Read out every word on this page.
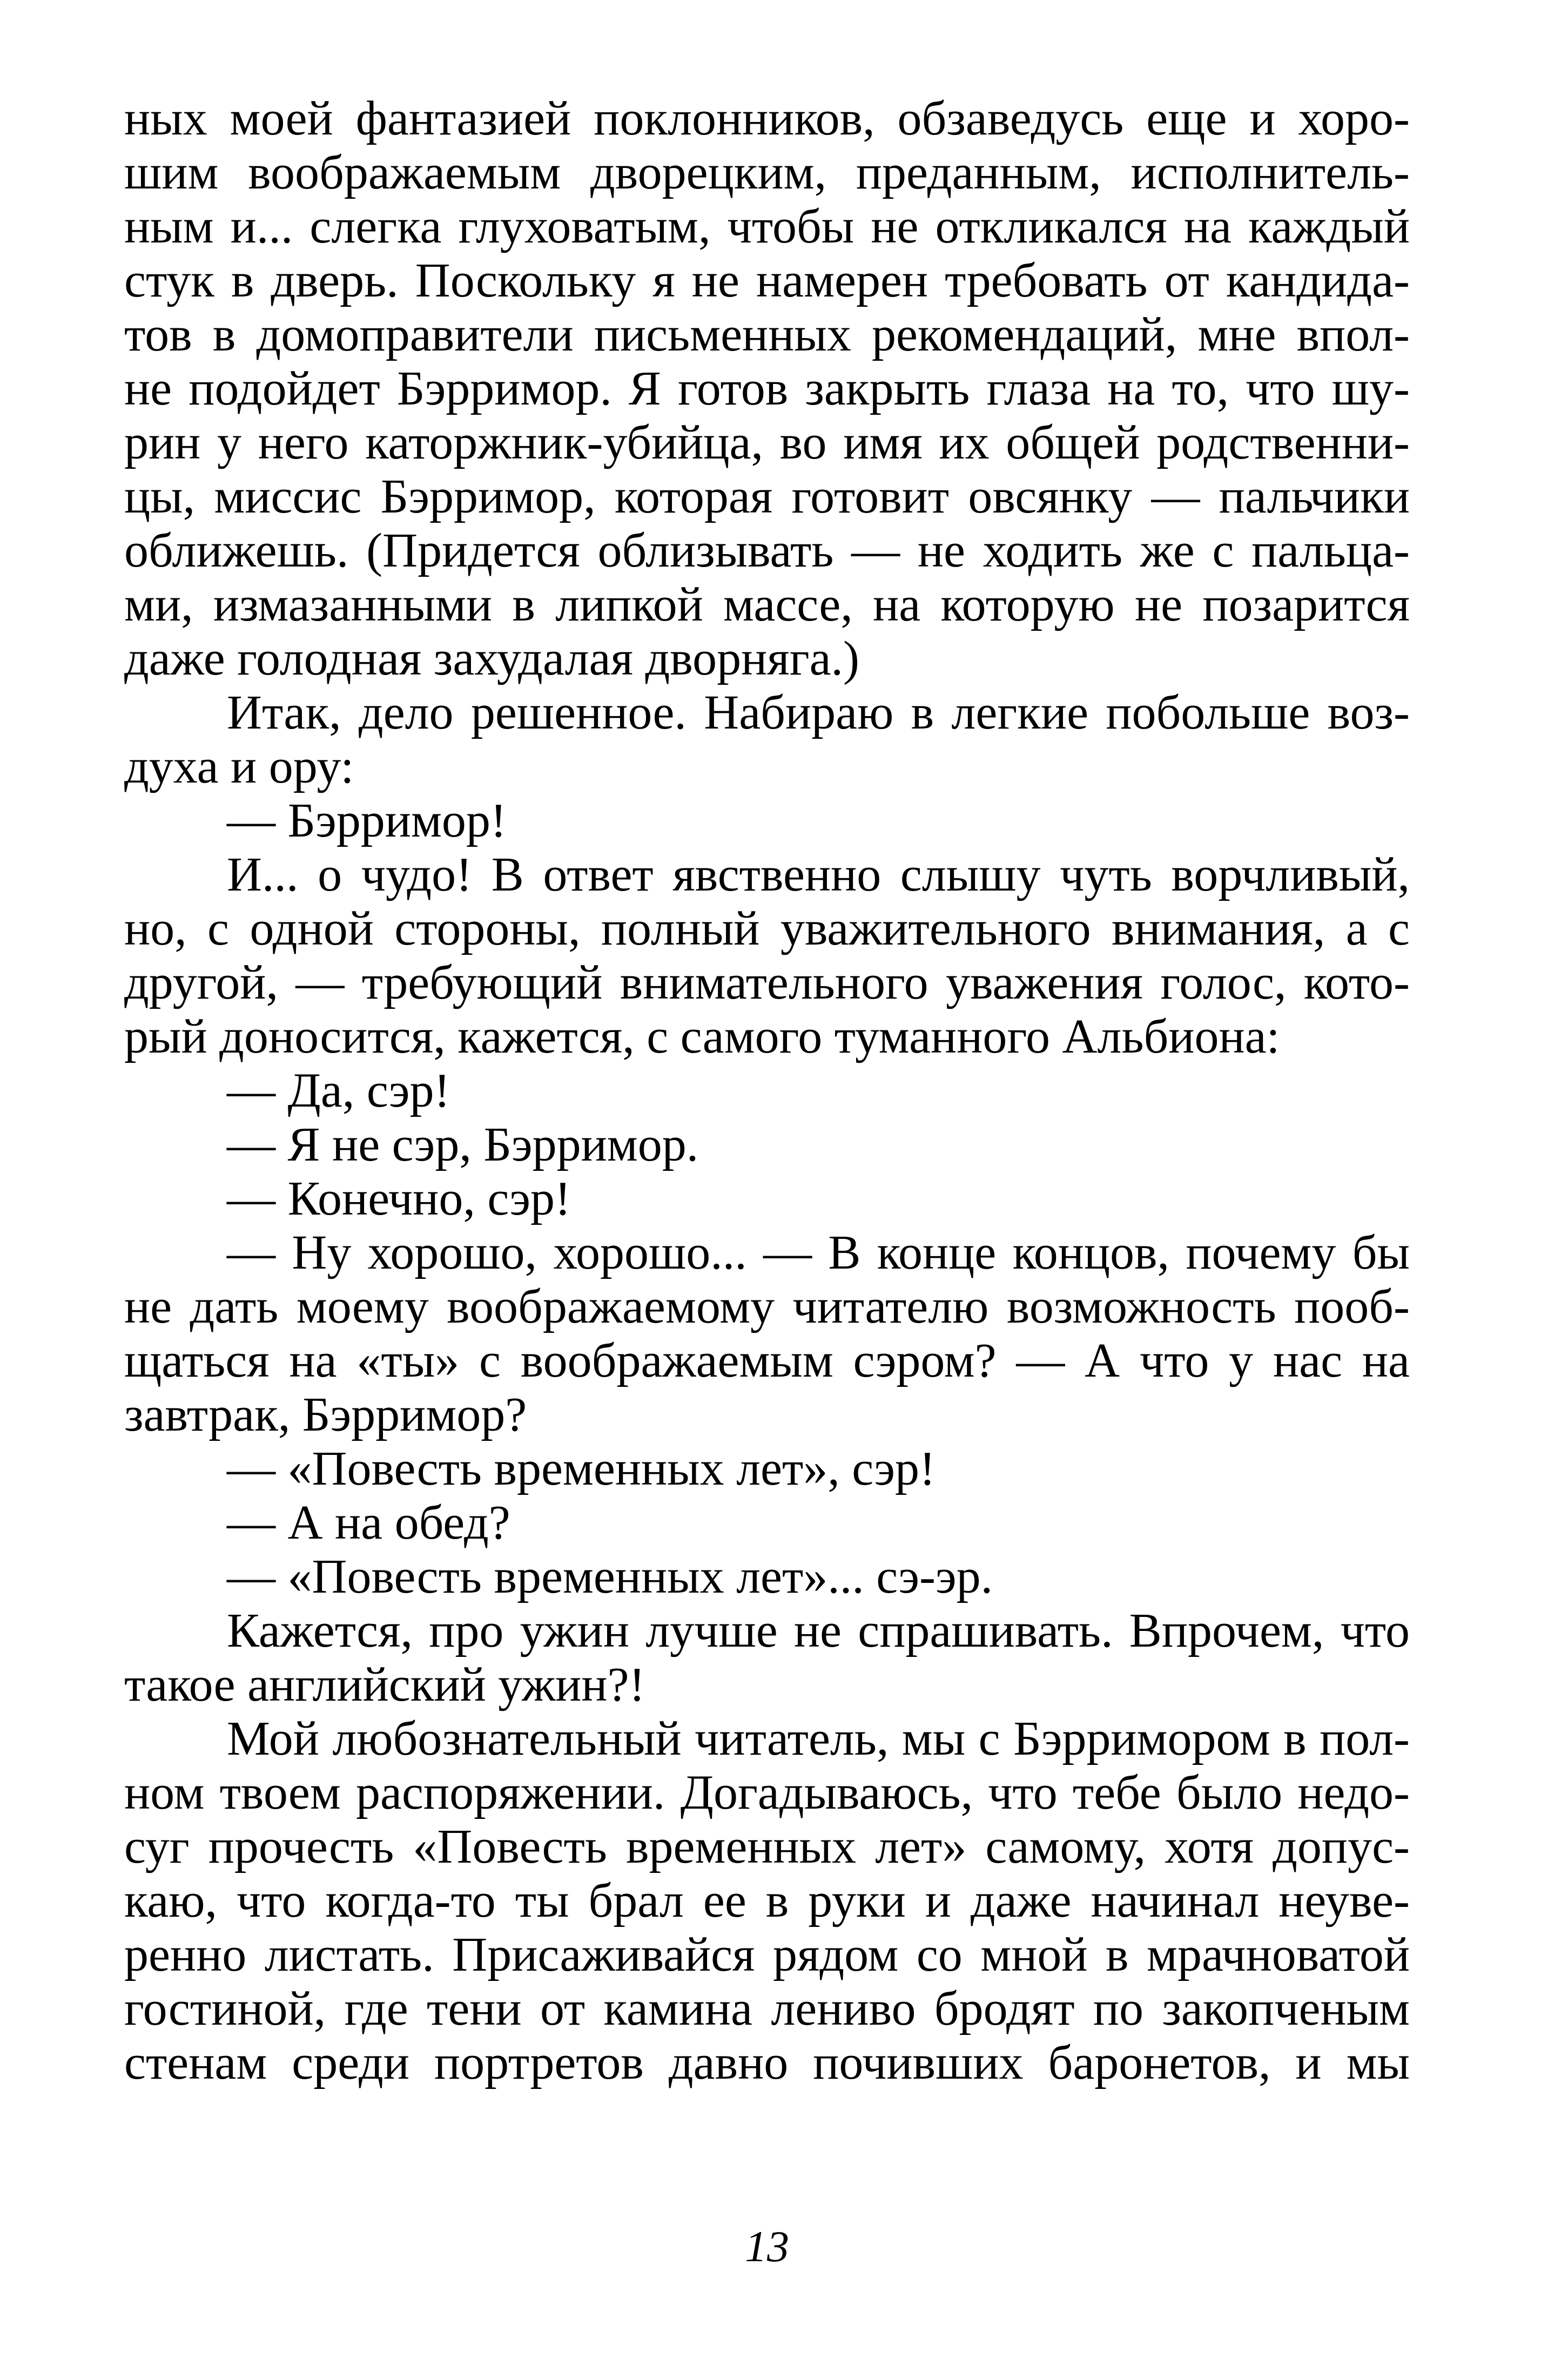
ных моей фантазией поклонников, обзаведусь еще и хоро-
шим воображаемым дворецким, преданным, исполнитель-
ным и... слегка глуховатым, чтобы не откликался на каждый
стук в дверь. Поскольку я не намерен требовать от кандида-
тов в домоправители письменных рекомендаций, мне впол-
не подойдет Бэрримор. Я готов закрыть глаза на то, что шу-
рин у него каторжник-убийца, во имя их общей родственни-
цы, миссис Бэрримор, которая готовит овсянку — пальчики
оближешь. (Придется облизывать — не ходить же с пальца-
ми, измазанными в липкой массе, на которую не позарится
даже голодная захудалая дворняга.)
Итак, дело решенное. Набираю в легкие побольше воз-
духа и ору:
— Бэрримор!
И... о чудо! В ответ явственно слышу чуть ворчливый,
но, с одной стороны, полный уважительного внимания, а с
другой, — требующий внимательного уважения голос, кото-
рый доносится, кажется, с самого туманного Альбиона:
— Да, сэр!
— Я не сэр, Бэрримор.
— Конечно, сэр!
— Ну хорошо, хорошо... — В конце концов, почему бы
не дать моему воображаемому читателю возможность пооб-
щаться на «ты» с воображаемым сэром? — А что у нас на
завтрак, Бэрримор?
— «Повесть временных лет», сэр!
— А на обед?
— «Повесть временных лет»... сэ-эр.
Кажется, про ужин лучше не спрашивать. Впрочем, что
такое английский ужин?!
Мой любознательный читатель, мы с Бэрримором в пол-
ном твоем распоряжении. Догадываюсь, что тебе было недо-
суг прочесть «Повесть временных лет» самому, хотя допус-
каю, что когда-то ты брал ее в руки и даже начинал неуве-
ренно листать. Присаживайся рядом со мной в мрачноватой
гостиной, где тени от камина лениво бродят по закопченым
стенам среди портретов давно почивших баронетов, и мы
13
